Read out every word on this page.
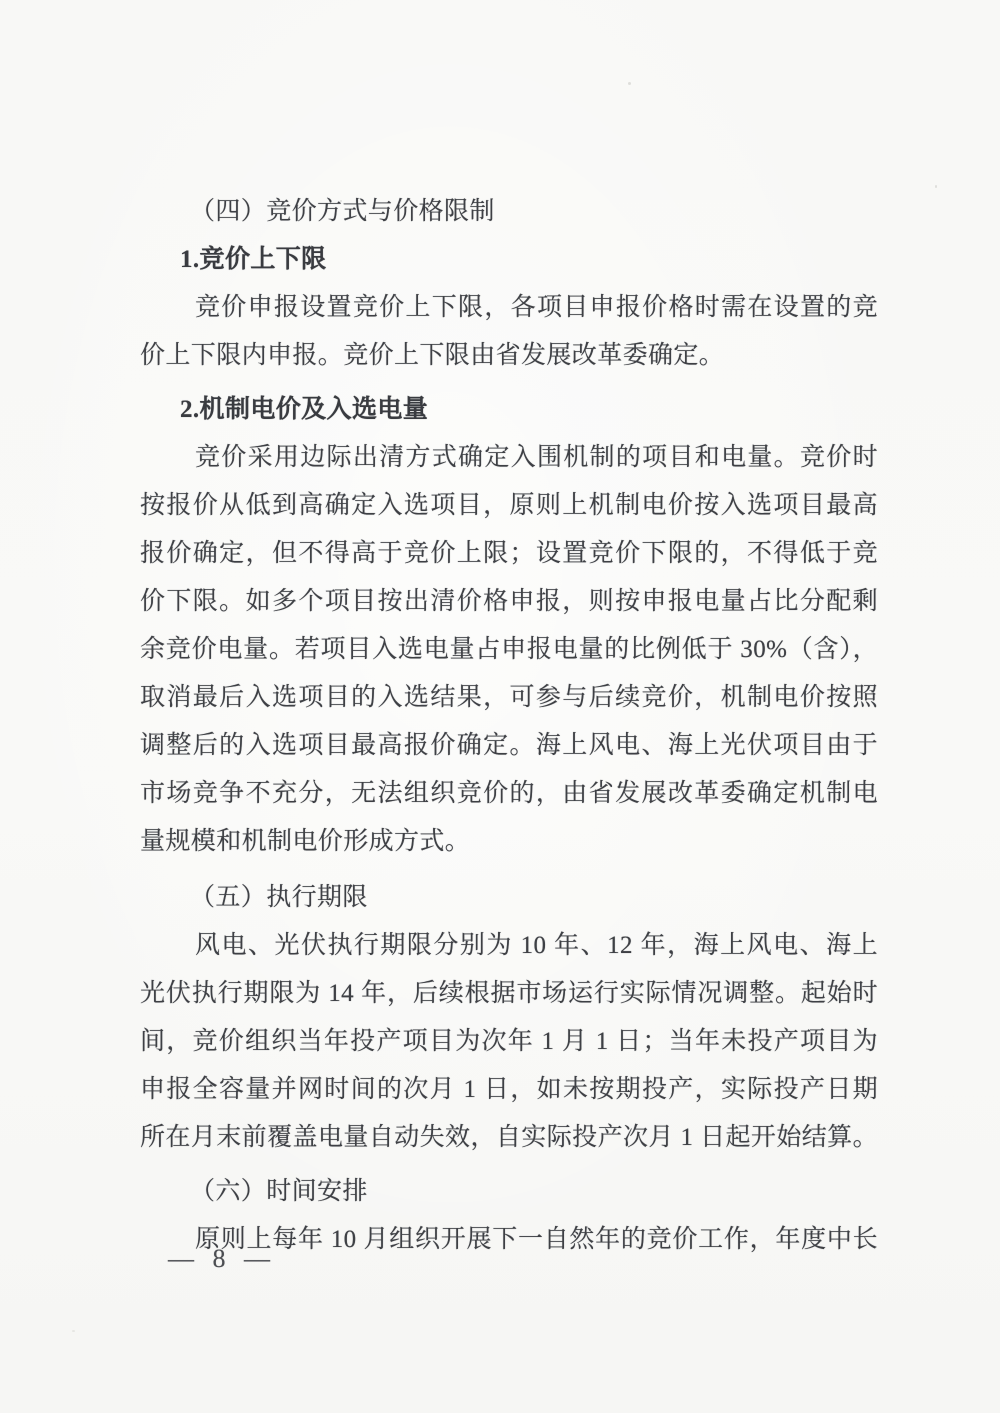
（四）竞价方式与价格限制
1.竞价上下限
竞价申报设置竞价上下限，各项目申报价格时需在设置的竞
价上下限内申报。竞价上下限由省发展改革委确定。
2.机制电价及入选电量
竞价采用边际出清方式确定入围机制的项目和电量。竞价时
按报价从低到高确定入选项目，原则上机制电价按入选项目最高
报价确定，但不得高于竞价上限；设置竞价下限的，不得低于竞
价下限。如多个项目按出清价格申报，则按申报电量占比分配剩
余竞价电量。若项目入选电量占申报电量的比例低于 30%（含），
取消最后入选项目的入选结果，可参与后续竞价，机制电价按照
调整后的入选项目最高报价确定。海上风电、海上光伏项目由于
市场竞争不充分，无法组织竞价的，由省发展改革委确定机制电
量规模和机制电价形成方式。
（五）执行期限
风电、光伏执行期限分别为 10 年、12 年，海上风电、海上
光伏执行期限为 14 年，后续根据市场运行实际情况调整。起始时
间，竞价组织当年投产项目为次年 1 月 1 日；当年未投产项目为
申报全容量并网时间的次月 1 日，如未按期投产，实际投产日期
所在月末前覆盖电量自动失效，自实际投产次月 1 日起开始结算。
（六）时间安排
原则上每年 10 月组织开展下一自然年的竞价工作，年度中长
— 8 —
